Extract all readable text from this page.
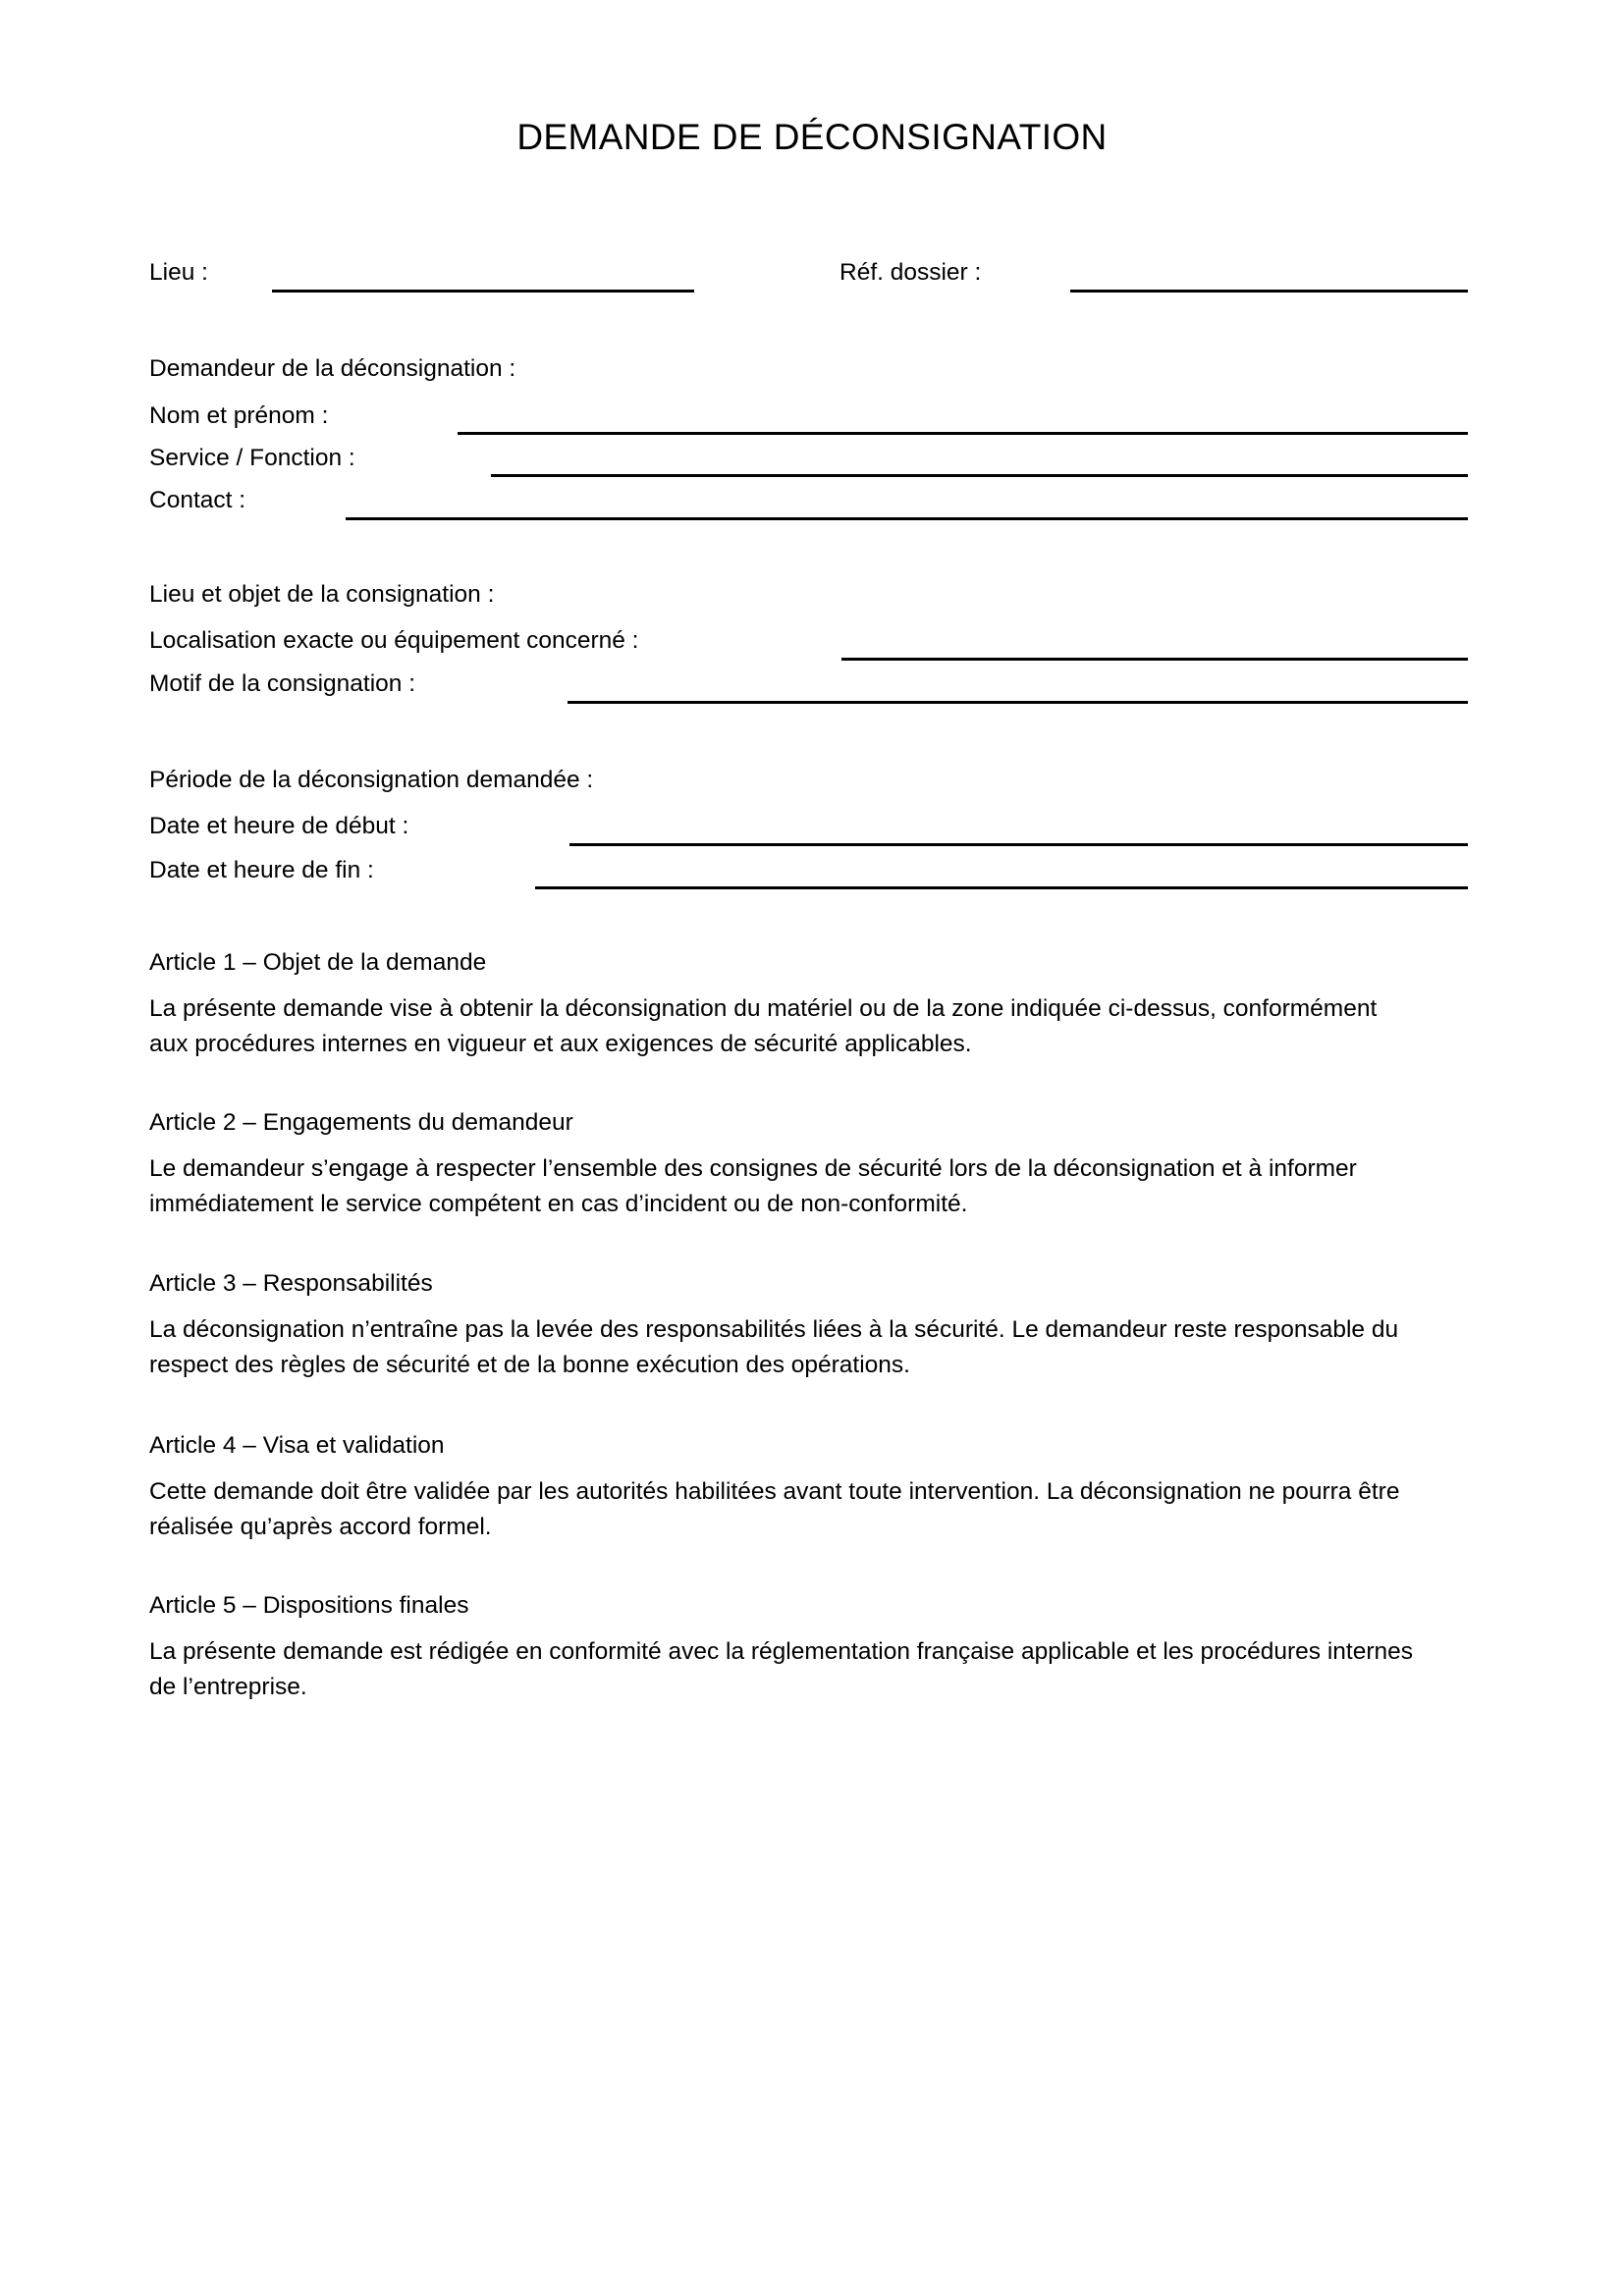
DEMANDE DE DÉCONSIGNATION
Lieu :	Réf. dossier :
Demandeur de la déconsignation :
Nom et prénom :
Service / Fonction :
Contact :
Lieu et objet de la consignation :
Localisation exacte ou équipement concerné :
Motif de la consignation :
Période de la déconsignation demandée :
Date et heure de début :
Date et heure de fin :
Article 1 – Objet de la demande
La présente demande vise à obtenir la déconsignation du matériel ou de la zone indiquée ci-dessus, conformément aux procédures internes en vigueur et aux exigences de sécurité applicables.
Article 2 – Engagements du demandeur
Le demandeur s’engage à respecter l’ensemble des consignes de sécurité lors de la déconsignation et à informer immédiatement le service compétent en cas d’incident ou de non-conformité.
Article 3 – Responsabilités
La déconsignation n’entraîne pas la levée des responsabilités liées à la sécurité. Le demandeur reste responsable du respect des règles de sécurité et de la bonne exécution des opérations.
Article 4 – Visa et validation
Cette demande doit être validée par les autorités habilitées avant toute intervention. La déconsignation ne pourra être réalisée qu’après accord formel.
Article 5 – Dispositions finales
La présente demande est rédigée en conformité avec la réglementation française applicable et les procédures internes de l’entreprise.
